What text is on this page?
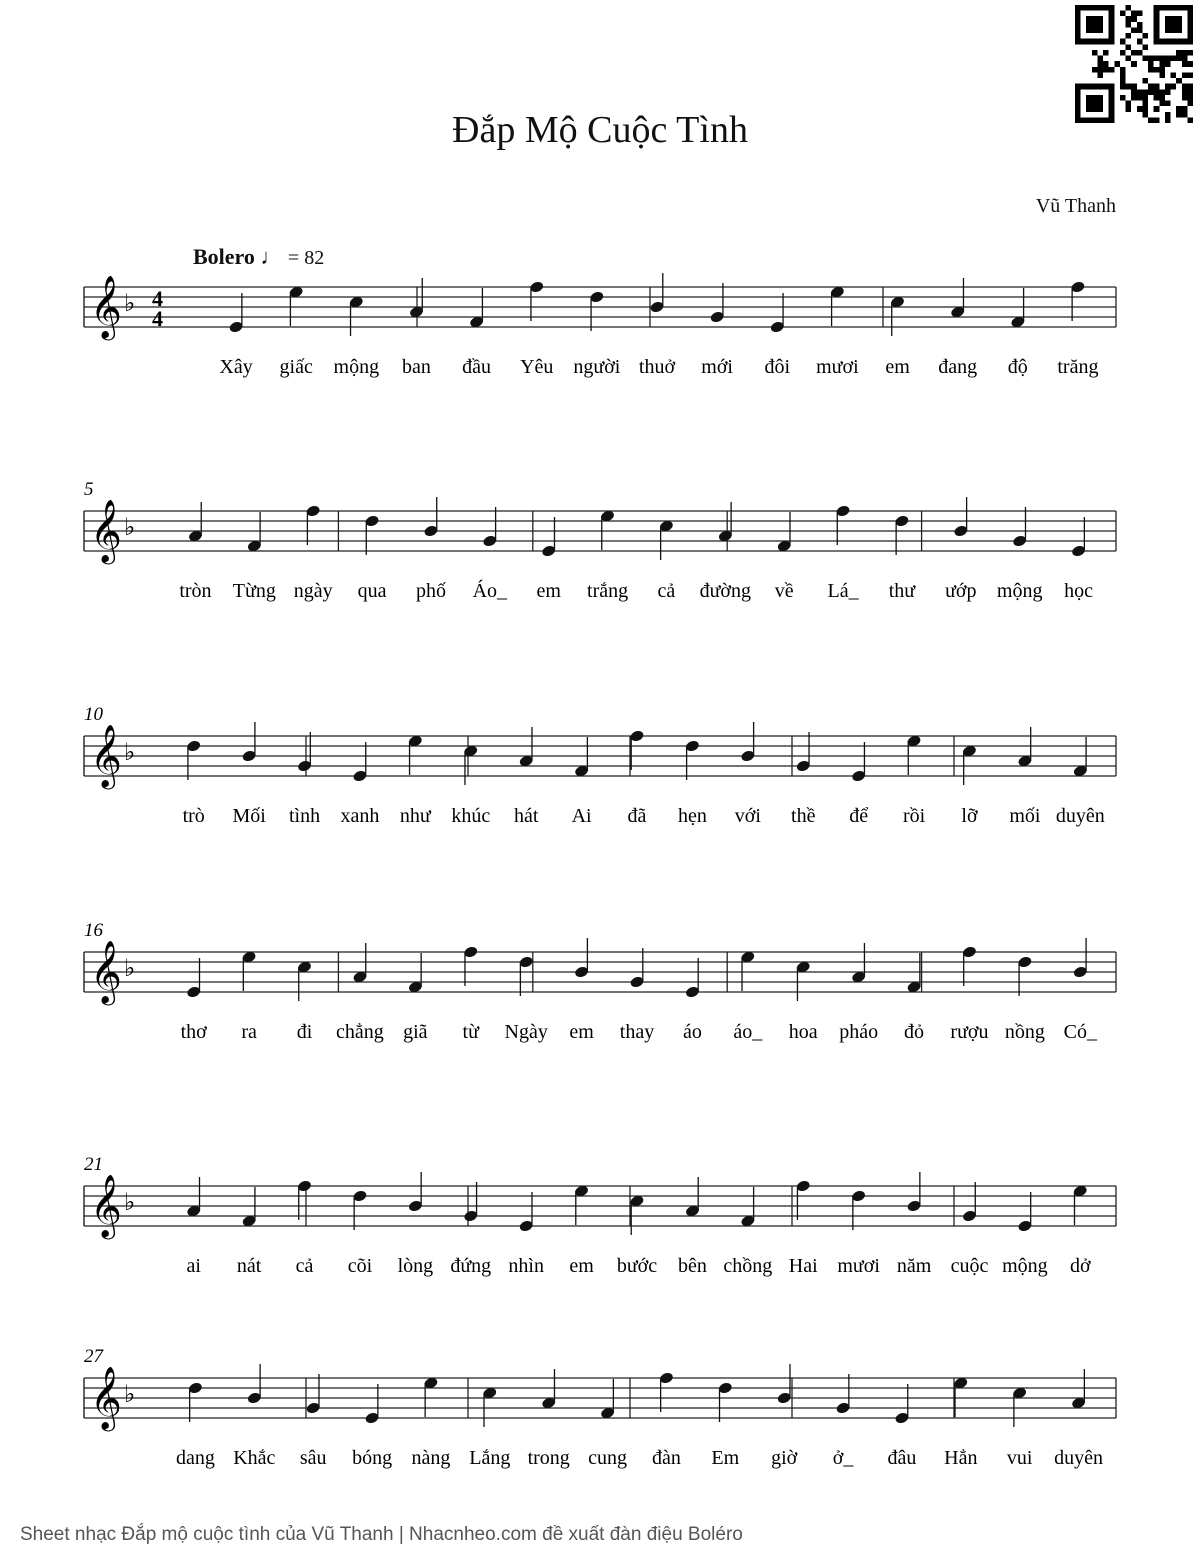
Đắp Mộ Cuộc Tình
Vũ Thanh
Bolero ♩ = 82
𝄞 ♭ 4
4
Xây giấc mộng ban đầu Yêu người thuở mới đôi mươi em đang độ trăng
𝄞 ♭
5
tròn Từng ngày qua phố Áo_ em trắng cả đường về Lá_ thư ướp mộng học
𝄞 ♭
10
trò Mối tình xanh như khúc hát Ai đã hẹn với thề để rồi lỡ mối duyên
𝄞 ♭
16
thơ ra đi chẳng giã từ Ngày em thay áo áo_ hoa pháo đỏ rượu nồng Có_
𝄞 ♭
21
ai nát cả cõi lòng đứng nhìn em bước bên chồng Hai mươi năm cuộc mộng dở
𝄞 ♭
27
dang Khắc sâu bóng nàng Lắng trong cung đàn Em giờ ở_ đâu Hẳn vui duyên
Sheet nhạc Đắp mộ cuộc tình của Vũ Thanh | Nhacnheo.com đề xuất đàn điệu Boléro
